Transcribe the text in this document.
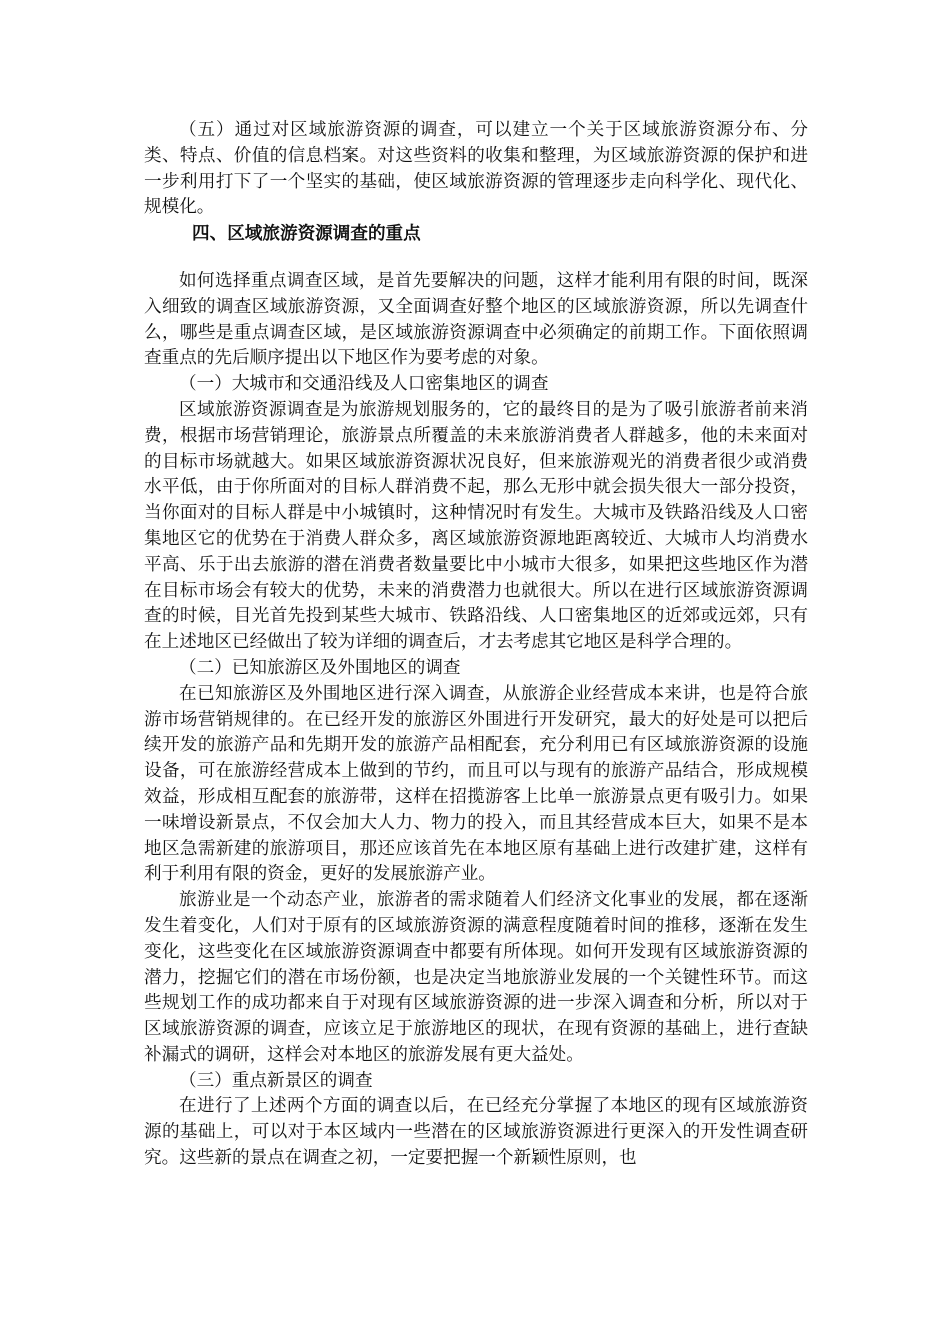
（五）通过对区域旅游资源的调查，可以建立一个关于区域旅游资源分布、分类、特点、价值的信息档案。对这些资料的收集和整理，为区域旅游资源的保护和进一步利用打下了一个坚实的基础，使区域旅游资源的管理逐步走向科学化、现代化、规模化。

四、区域旅游资源调查的重点

如何选择重点调查区域，是首先要解决的问题，这样才能利用有限的时间，既深入细致的调查区域旅游资源，又全面调查好整个地区的区域旅游资源，所以先调查什么，哪些是重点调查区域，是区域旅游资源调查中必须确定的前期工作。下面依照调查重点的先后顺序提出以下地区作为要考虑的对象。

（一）大城市和交通沿线及人口密集地区的调查

区域旅游资源调查是为旅游规划服务的，它的最终目的是为了吸引旅游者前来消费，根据市场营销理论，旅游景点所覆盖的未来旅游消费者人群越多，他的未来面对的目标市场就越大。如果区域旅游资源状况良好，但来旅游观光的消费者很少或消费水平低，由于你所面对的目标人群消费不起，那么无形中就会损失很大一部分投资，当你面对的目标人群是中小城镇时，这种情况时有发生。大城市及铁路沿线及人口密集地区它的优势在于消费人群众多，离区域旅游资源地距离较近、大城市人均消费水平高、乐于出去旅游的潜在消费者数量要比中小城市大很多，如果把这些地区作为潜在目标市场会有较大的优势，未来的消费潜力也就很大。所以在进行区域旅游资源调查的时候，目光首先投到某些大城市、铁路沿线、人口密集地区的近郊或远郊，只有在上述地区已经做出了较为详细的调查后，才去考虑其它地区是科学合理的。

（二）已知旅游区及外围地区的调查

在已知旅游区及外围地区进行深入调查，从旅游企业经营成本来讲，也是符合旅游市场营销规律的。在已经开发的旅游区外围进行开发研究，最大的好处是可以把后续开发的旅游产品和先期开发的旅游产品相配套，充分利用已有区域旅游资源的设施设备，可在旅游经营成本上做到的节约，而且可以与现有的旅游产品结合，形成规模效益，形成相互配套的旅游带，这样在招揽游客上比单一旅游景点更有吸引力。如果一味增设新景点，不仅会加大人力、物力的投入，而且其经营成本巨大，如果不是本地区急需新建的旅游项目，那还应该首先在本地区原有基础上进行改建扩建，这样有利于利用有限的资金，更好的发展旅游产业。

旅游业是一个动态产业，旅游者的需求随着人们经济文化事业的发展，都在逐渐发生着变化，人们对于原有的区域旅游资源的满意程度随着时间的推移，逐渐在发生变化，这些变化在区域旅游资源调查中都要有所体现。如何开发现有区域旅游资源的潜力，挖掘它们的潜在市场份额，也是决定当地旅游业发展的一个关键性环节。而这些规划工作的成功都来自于对现有区域旅游资源的进一步深入调查和分析，所以对于区域旅游资源的调查，应该立足于旅游地区的现状，在现有资源的基础上，进行查缺补漏式的调研，这样会对本地区的旅游发展有更大益处。

（三）重点新景区的调查

在进行了上述两个方面的调查以后，在已经充分掌握了本地区的现有区域旅游资源的基础上，可以对于本区域内一些潜在的区域旅游资源进行更深入的开发性调查研究。这些新的景点在调查之初，一定要把握一个新颖性原则，也
